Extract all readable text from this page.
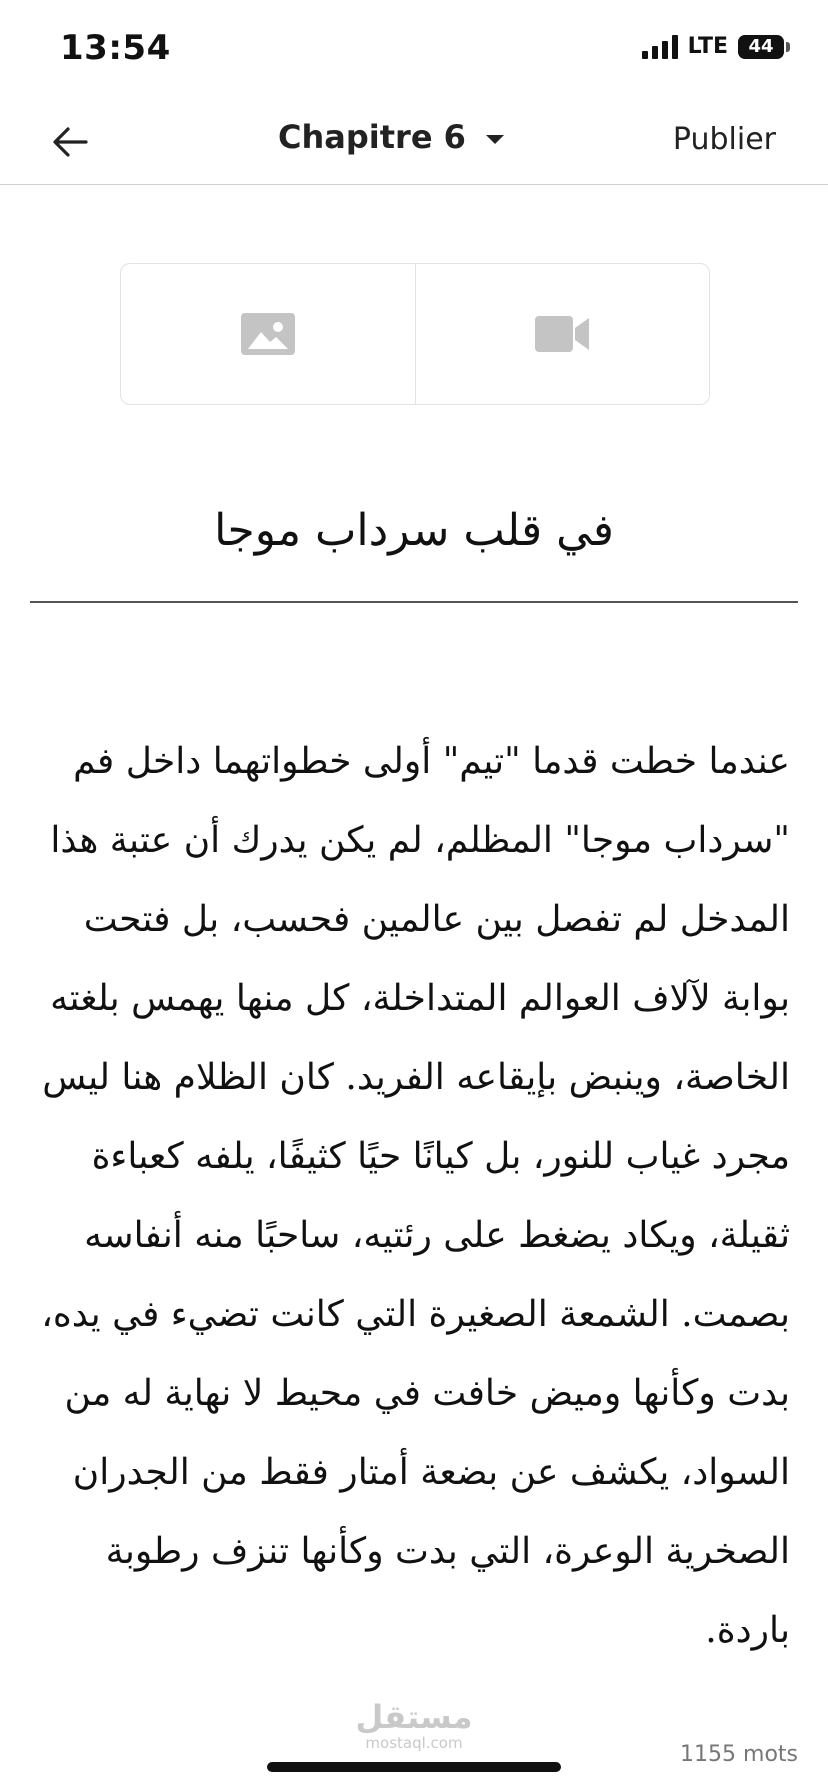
13:54	LTE 44
Chapitre 6	Publier
في قلب سرداب موجا
عندما خطت قدما "تيم" أولى خطواتهما داخل فم "سرداب موجا" المظلم، لم يكن يدرك أن عتبة هذا المدخل لم تفصل بين عالمين فحسب، بل فتحت بوابة لآلاف العوالم المتداخلة، كل منها يهمس بلغته الخاصة، وينبض بإيقاعه الفريد. كان الظلام هنا ليس مجرد غياب للنور، بل كيانًا حيًا كثيفًا، يلفه كعباءة ثقيلة، ويكاد يضغط على رئتيه، ساحبًا منه أنفاسه بصمت. الشمعة الصغيرة التي كانت تضيء في يده، بدت وكأنها وميض خافت في محيط لا نهاية له من السواد، يكشف عن بضعة أمتار فقط من الجدران الصخرية الوعرة، التي بدت وكأنها تنزف رطوبة باردة.
مستقل
mostaql.com	1155 mots
